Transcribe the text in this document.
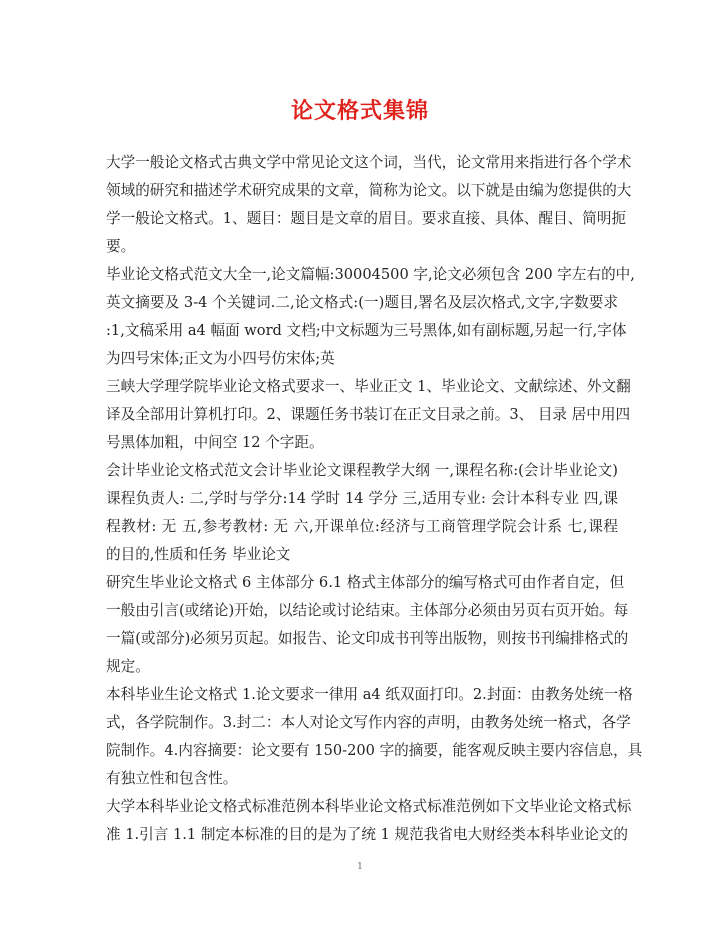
论文格式集锦
大学一般论文格式古典文学中常见论文这个词，当代，论文常用来指进行各个学术
领域的研究和描述学术研究成果的文章，简称为论文。以下就是由编为您提供的大
学一般论文格式。1、题目：题目是文章的眉目。要求直接、具体、醒目、简明扼
要。
毕业论文格式范文大全一,论文篇幅:30004500 字,论文必须包含 200 字左右的中,
英文摘要及 3-4 个关键词.二,论文格式:(一)题目,署名及层次格式,文字,字数要求
:1,文稿采用 a4 幅面 word 文档;中文标题为三号黑体,如有副标题,另起一行,字体
为四号宋体;正文为小四号仿宋体;英
三峡大学理学院毕业论文格式要求一、毕业正文 1、毕业论文、文献综述、外文翻
译及全部用计算机打印。2、课题任务书装订在正文目录之前。3、 目录 居中用四
号黑体加粗，中间空 12 个字距。
会计毕业论文格式范文会计毕业论文课程教学大纲 一,课程名称:(会计毕业论文)
课程负责人: 二,学时与学分:14 学时 14 学分 三,适用专业: 会计本科专业 四,课
程教材: 无 五,参考教材: 无 六,开课单位:经济与工商管理学院会计系 七,课程
的目的,性质和任务 毕业论文
研究生毕业论文格式 6 主体部分 6.1 格式主体部分的编写格式可由作者自定，但
一般由引言(或绪论)开始，以结论或讨论结束。主体部分必须由另页右页开始。每
一篇(或部分)必须另页起。如报告、论文印成书刊等出版物，则按书刊编排格式的
规定。
本科毕业生论文格式 1.论文要求一律用 a4 纸双面打印。2.封面：由教务处统一格
式，各学院制作。3.封二：本人对论文写作内容的声明，由教务处统一格式，各学
院制作。4.内容摘要：论文要有 150-200 字的摘要，能客观反映主要内容信息，具
有独立性和包含性。
大学本科毕业论文格式标准范例本科毕业论文格式标准范例如下文毕业论文格式标
准 1.引言 1.1 制定本标准的目的是为了统 1 规范我省电大财经类本科毕业论文的
1
